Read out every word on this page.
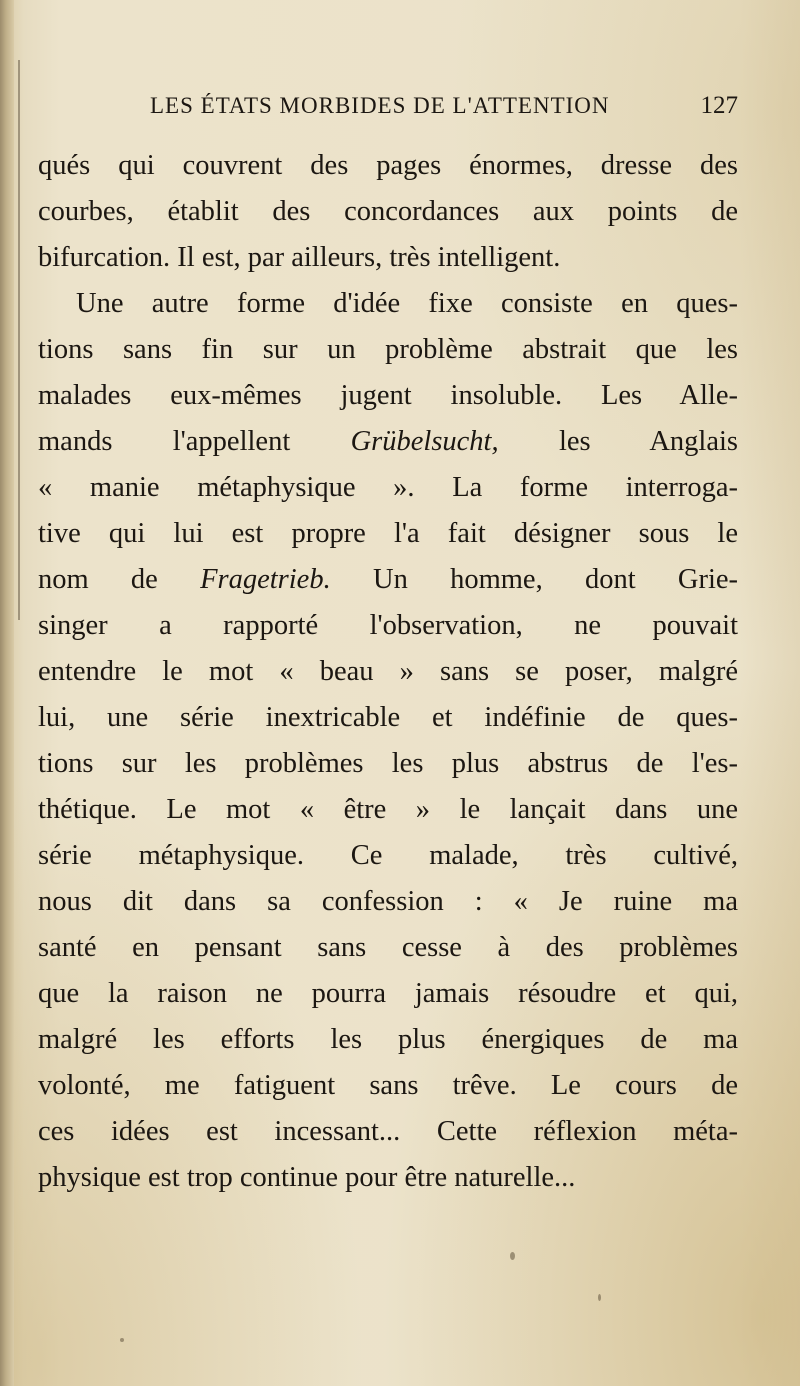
LES ÉTATS MORBIDES DE L'ATTENTION	127
qués qui couvrent des pages énormes, dresse des
courbes, établit des concordances aux points de
bifurcation. Il est, par ailleurs, très intelligent.
Une autre forme d'idée fixe consiste en ques-
tions sans fin sur un problème abstrait que les
malades eux-mêmes jugent insoluble. Les Alle-
mands l'appellent Grübelsucht, les Anglais
« manie métaphysique ». La forme interroga-
tive qui lui est propre l'a fait désigner sous le
nom de Fragetrieb. Un homme, dont Grie-
singer a rapporté l'observation, ne pouvait
entendre le mot « beau » sans se poser, malgré
lui, une série inextricable et indéfinie de ques-
tions sur les problèmes les plus abstrus de l'es-
thétique. Le mot « être » le lançait dans une
série métaphysique. Ce malade, très cultivé,
nous dit dans sa confession : « Je ruine ma
santé en pensant sans cesse à des problèmes
que la raison ne pourra jamais résoudre et qui,
malgré les efforts les plus énergiques de ma
volonté, me fatiguent sans trêve. Le cours de
ces idées est incessant... Cette réflexion méta-
physique est trop continue pour être naturelle...
